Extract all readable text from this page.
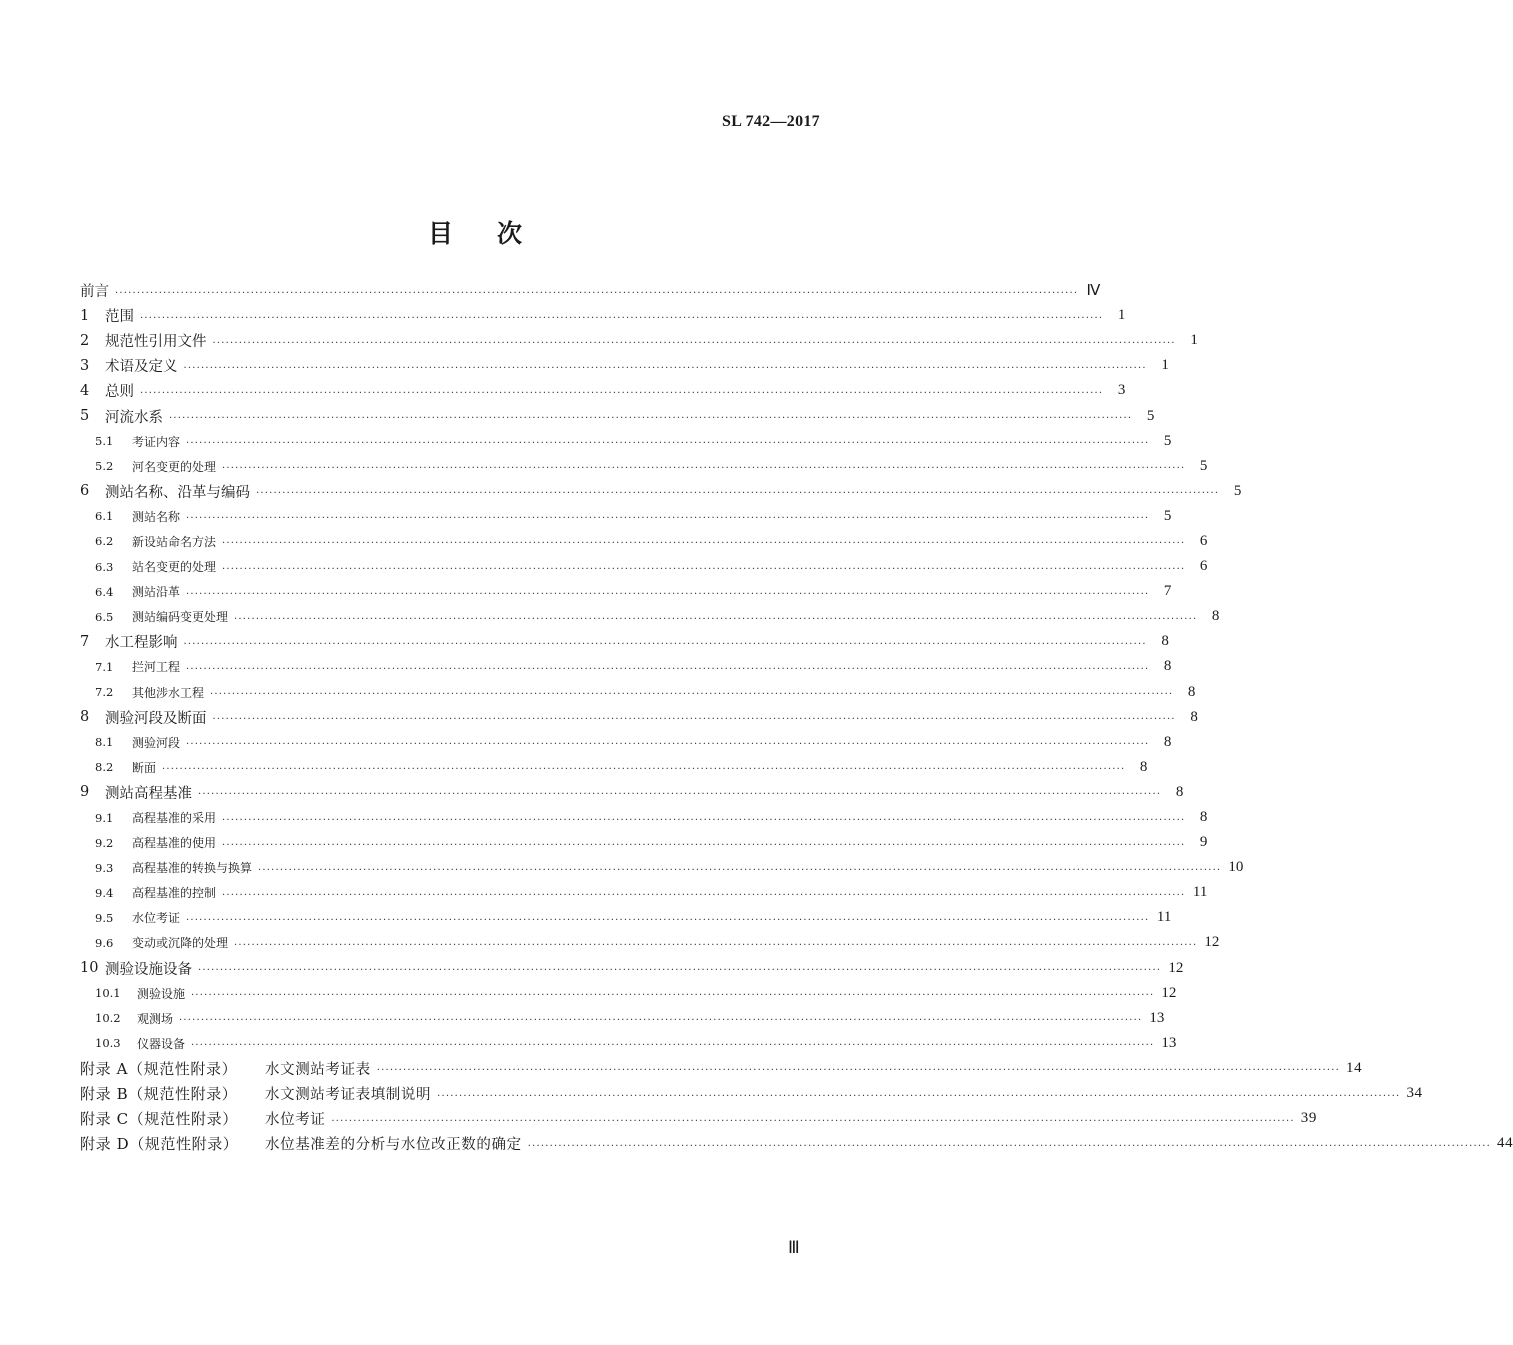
SL 742—2017
目 次
前言 ···························································································································································································································· Ⅳ
1	范围 ···························································································································································································································· 1
2	规范性引用文件 ···························································································································································································································· 1
3	术语及定义 ···························································································································································································································· 1
4	总则 ···························································································································································································································· 3
5	河流水系 ···························································································································································································································· 5
5.1	考证内容 ···························································································································································································································· 5
5.2	河名变更的处理 ···························································································································································································································· 5
6	测站名称、沿革与编码 ···························································································································································································································· 5
6.1	测站名称 ···························································································································································································································· 5
6.2	新设站命名方法 ···························································································································································································································· 6
6.3	站名变更的处理 ···························································································································································································································· 6
6.4	测站沿革 ···························································································································································································································· 7
6.5	测站编码变更处理 ···························································································································································································································· 8
7	水工程影响 ···························································································································································································································· 8
7.1	拦河工程 ···························································································································································································································· 8
7.2	其他涉水工程 ···························································································································································································································· 8
8	测验河段及断面 ···························································································································································································································· 8
8.1	测验河段 ···························································································································································································································· 8
8.2	断面 ···························································································································································································································· 8
9	测站高程基准 ···························································································································································································································· 8
9.1	高程基准的采用 ···························································································································································································································· 8
9.2	高程基准的使用 ···························································································································································································································· 9
9.3	高程基准的转换与换算 ···························································································································································································································· 10
9.4	高程基准的控制 ···························································································································································································································· 11
9.5	水位考证 ···························································································································································································································· 11
9.6	变动或沉降的处理 ···························································································································································································································· 12
10 测验设施设备 ···························································································································································································································· 12
10.1	测验设施 ···························································································································································································································· 12
10.2	观测场 ···························································································································································································································· 13
10.3	仪器设备 ···························································································································································································································· 13
附录 A（规范性附录）	水文测站考证表 ···························································································································································································································· 14
附录 B（规范性附录）	水文测站考证表填制说明 ···························································································································································································································· 34
附录 C（规范性附录）	水位考证 ···························································································································································································································· 39
附录 D（规范性附录）	水位基准差的分析与水位改正数的确定 ···························································································································································································································· 44
Ⅲ
